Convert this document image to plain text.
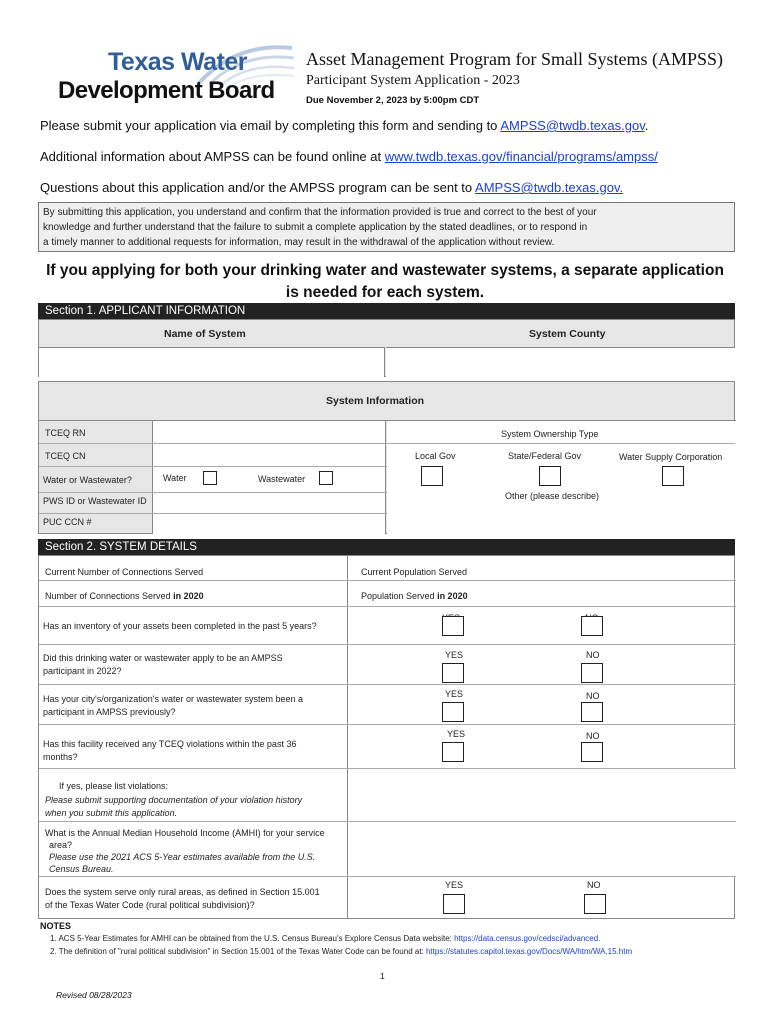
Texas Water
Development Board
Asset Management Program for Small Systems (AMPSS)
Participant System Application - 2023
Due November 2, 2023 by 5:00pm CDT
Please submit your application via email by completing this form and sending to AMPSS@twdb.texas.gov.
Additional information about AMPSS can be found online at www.twdb.texas.gov/financial/programs/ampss/
Questions about this application and/or the AMPSS program can be sent to AMPSS@twdb.texas.gov.
By submitting this application, you understand and confirm that the information provided is true and correct to the best of your
knowledge and further understand that the failure to submit a complete application by the stated deadlines, or to respond in
a timely manner to additional requests for information, may result in the withdrawal of the application without review.
If you applying for both your drinking water and wastewater systems, a separate application
is needed for each system.
Section 1. APPLICANT INFORMATION
Name of System	System County
System Information
TCEQ RN
TCEQ CN
Water or Wastewater?	Water	Wastewater
PWS ID or Wastewater ID
PUC CCN #
System Ownership Type
Local Gov	State/Federal Gov	Water Supply Corporation
Other (please describe)
Section 2. SYSTEM DETAILS
Current Number of Connections Served	Current Population Served
Number of Connections Served in 2020	Population Served in 2020
Has an inventory of your assets been completed in the past 5 years?
Did this drinking water or wastewater apply to be an AMPSS
participant in 2022?
YES	NO
Has your city's/organization's water or wastewater system been a
participant in AMPSS previously?
YES	NO
Has this facility received any TCEQ violations within the past 36
months?
YES	NO
If yes, please list violations:
Please submit supporting documentation of your violation history
when you submit this application.
What is the Annual Median Household Income (AMHI) for your service
area?
Please use the 2021 ACS 5-Year estimates available from the U.S.
Census Bureau.
Does the system serve only rural areas, as defined in Section 15.001
of the Texas Water Code (rural political subdivision)?
YES	NO
NOTES
1. ACS 5-Year Estimates for AMHI can be obtained from the U.S. Census Bureau's Explore Census Data website: https://data.census.gov/cedsci/advanced.
2. The definition of "rural political subdivision" in Section 15.001 of the Texas Water Code can be found at: https://statutes.capitol.texas.gov/Docs/WA/htm/WA.15.htm
1
Revised 08/28/2023
